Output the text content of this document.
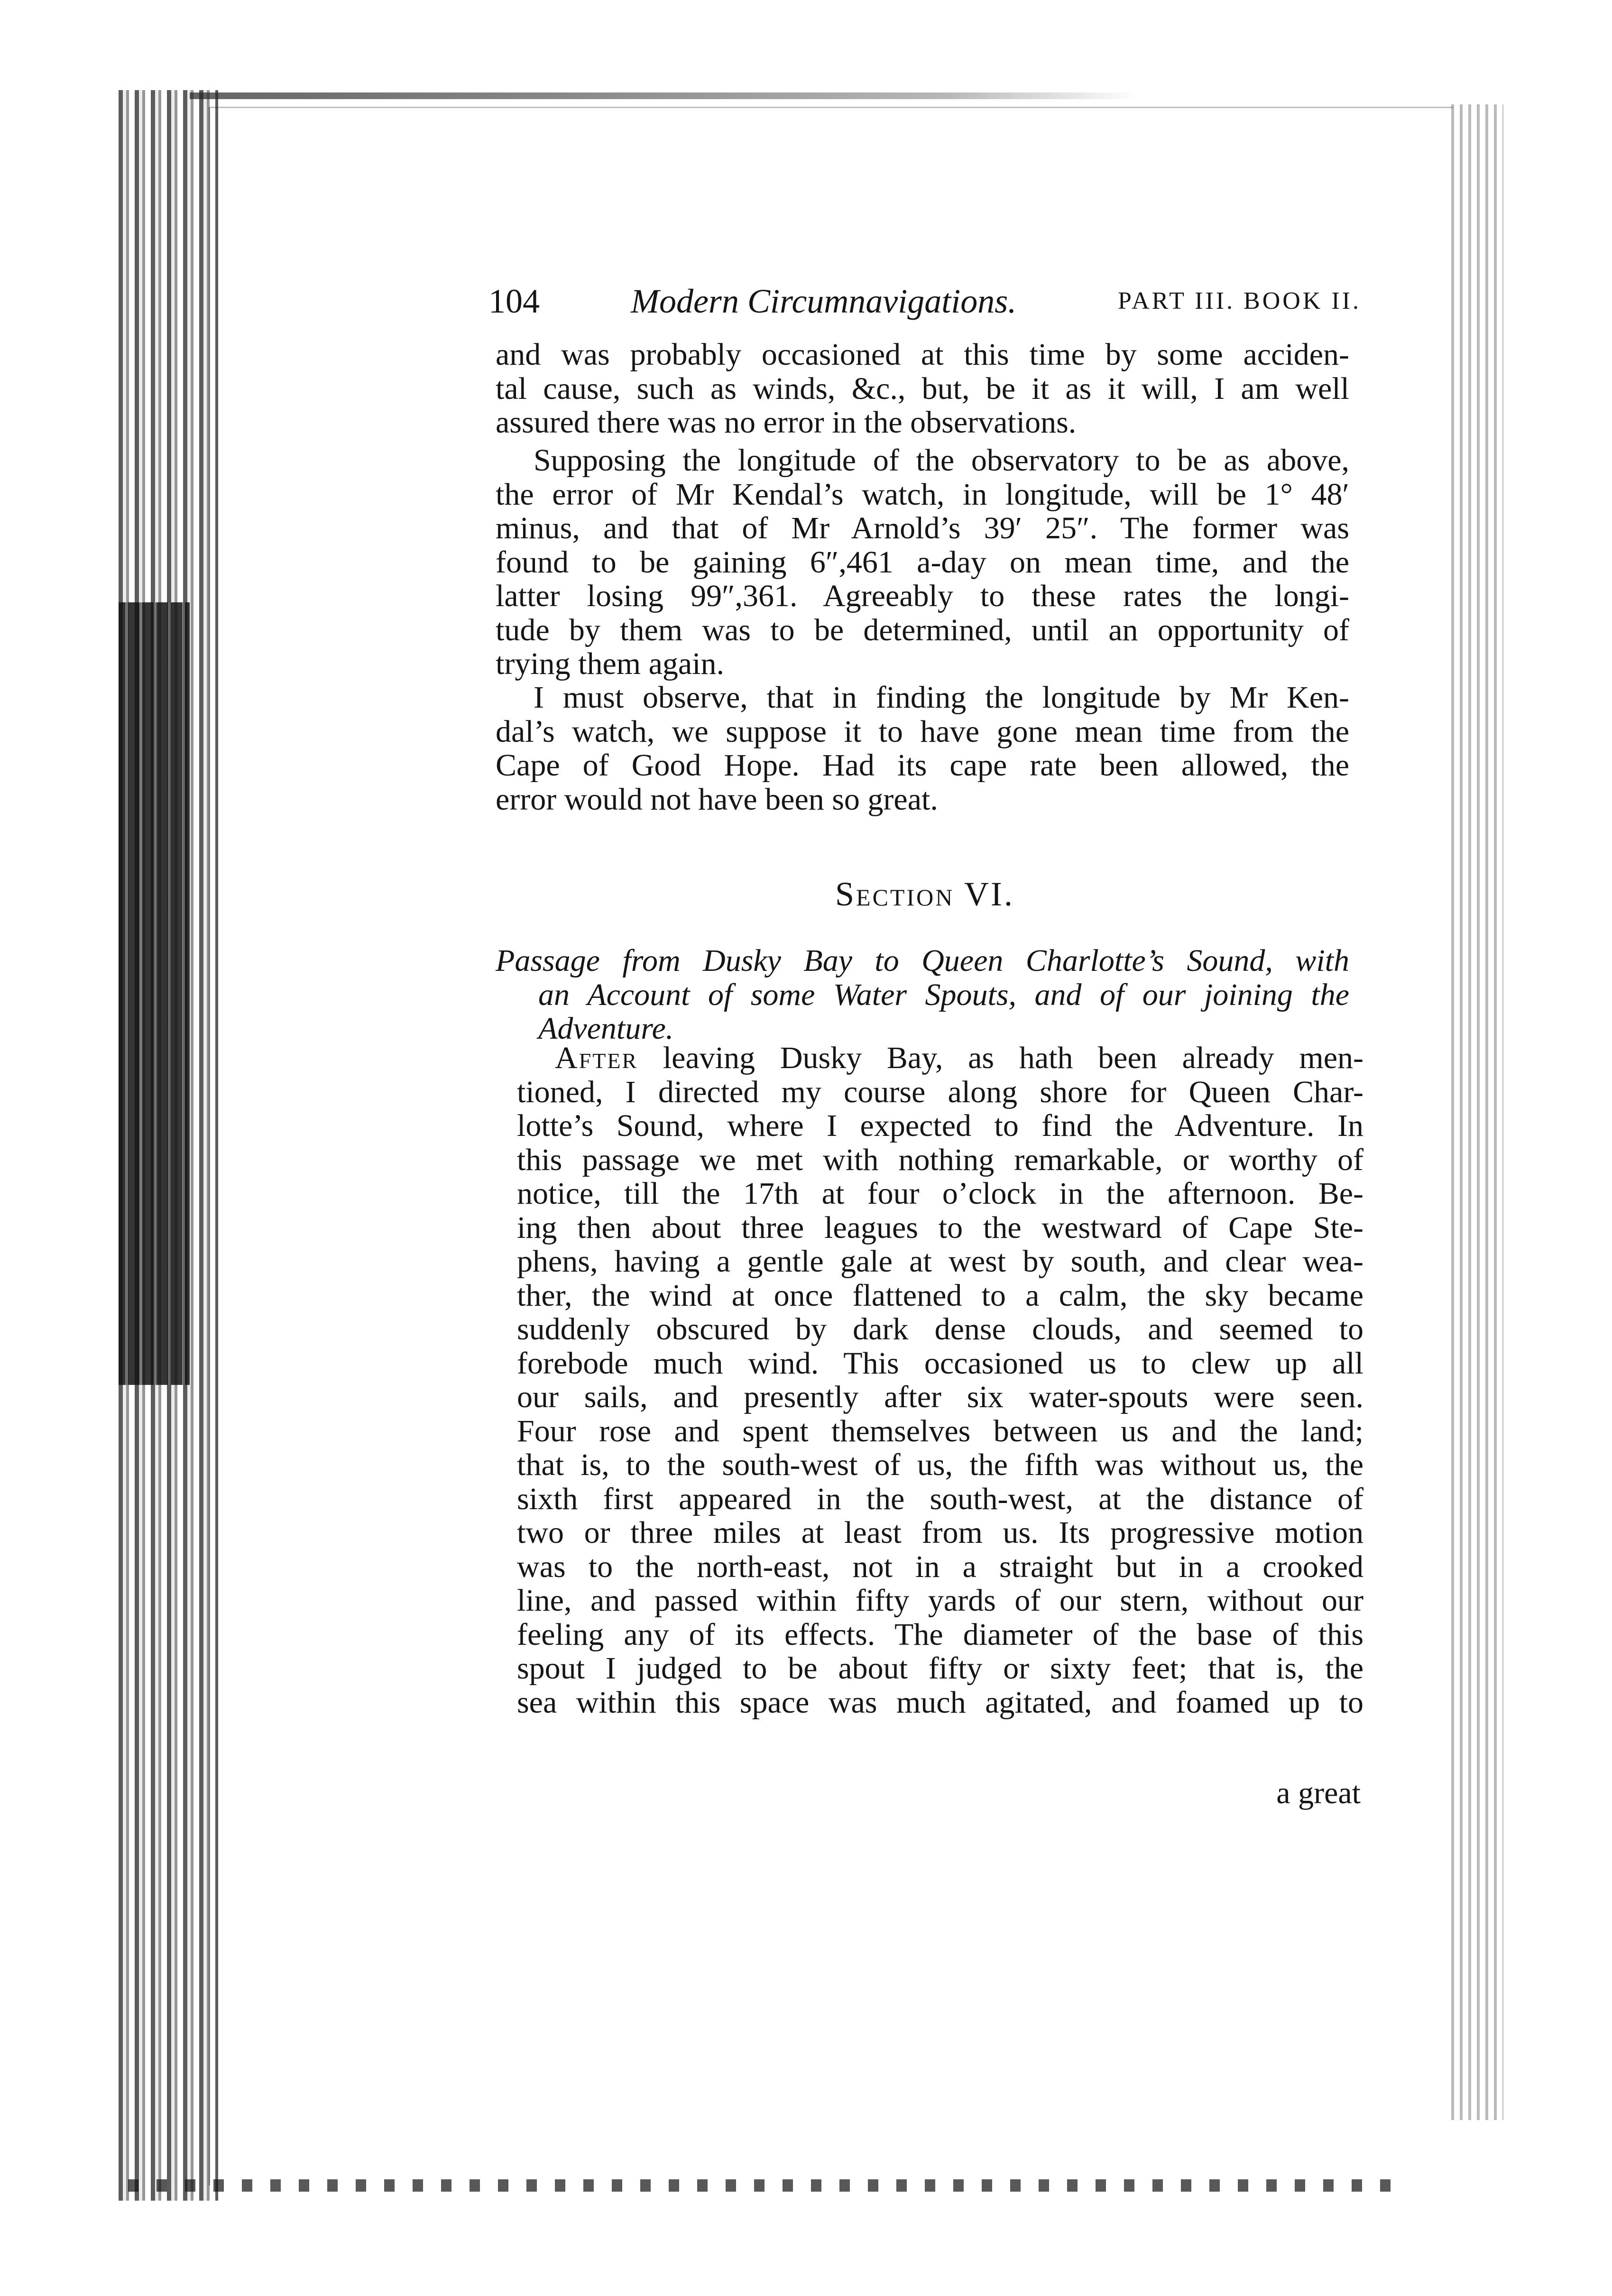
104	Modern Circumnavigations.	PART III. BOOK II.
and was probably occasioned at this time by some acciden-
tal cause, such as winds, &c., but, be it as it will, I am well
assured there was no error in the observations.
Supposing the longitude of the observatory to be as above,
the error of Mr Kendal’s watch, in longitude, will be 1° 48′
minus, and that of Mr Arnold’s 39′ 25″. The former was
found to be gaining 6″,461 a-day on mean time, and the
latter losing 99″,361. Agreeably to these rates the longi-
tude by them was to be determined, until an opportunity of
trying them again.
I must observe, that in finding the longitude by Mr Ken-
dal’s watch, we suppose it to have gone mean time from the
Cape of Good Hope. Had its cape rate been allowed, the
error would not have been so great.
Section VI.
Passage from Dusky Bay to Queen Charlotte’s Sound, with
an Account of some Water Spouts, and of our joining the
Adventure.
After leaving Dusky Bay, as hath been already men-
tioned, I directed my course along shore for Queen Char-
lotte’s Sound, where I expected to find the Adventure. In
this passage we met with nothing remarkable, or worthy of
notice, till the 17th at four o’clock in the afternoon. Be-
ing then about three leagues to the westward of Cape Ste-
phens, having a gentle gale at west by south, and clear wea-
ther, the wind at once flattened to a calm, the sky became
suddenly obscured by dark dense clouds, and seemed to
forebode much wind. This occasioned us to clew up all
our sails, and presently after six water-spouts were seen.
Four rose and spent themselves between us and the land;
that is, to the south-west of us, the fifth was without us, the
sixth first appeared in the south-west, at the distance of
two or three miles at least from us. Its progressive motion
was to the north-east, not in a straight but in a crooked
line, and passed within fifty yards of our stern, without our
feeling any of its effects. The diameter of the base of this
spout I judged to be about fifty or sixty feet; that is, the
sea within this space was much agitated, and foamed up to
a great
